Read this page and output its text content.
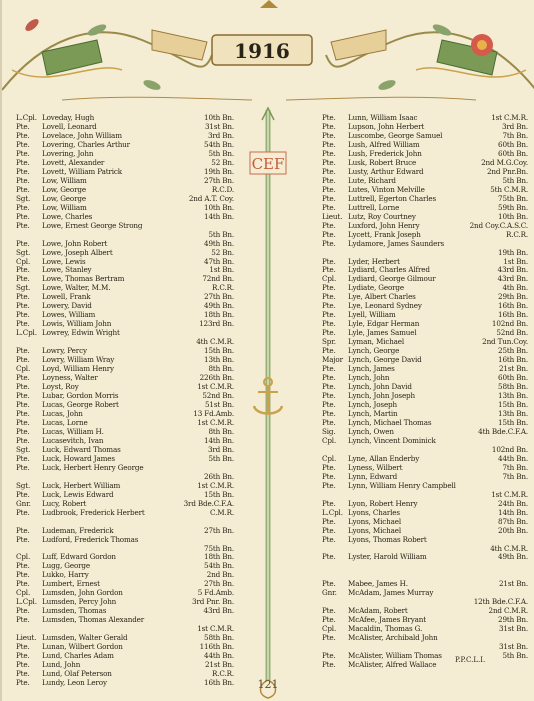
1916
CEF
L.Cpl. Loveday, Hugh	10th Bn.
Pte.	Lovell, Leonard	31st Bn.
Pte.	Lovelace, John William	3rd Bn.
Pte.	Lovering, Charles Arthur	54th Bn.
Pte.	Lovering, John	5th Bn.
Pte.	Lovett, Alexander	52 Bn.
Pte.	Lovett, William Patrick	19th Bn.
Pte.	Low, William	27th Bn.
Pte.	Low, George	R.C.D.
Sgt.	Low, George	2nd A.T. Coy.
Pte.	Low, William	10th Bn.
Pte.	Lowe, Charles	14th Bn.
Pte.	Lowe, Ernest George Strong
5th Bn.
Pte.	Lowe, John Robert	49th Bn.
Sgt.	Lowe, Joseph Albert	52 Bn.
Cpl.	Lowe, Lewis	47th Bn.
Pte.	Lowe, Stanley	1st Bn.
Pte.	Lowe, Thomas Bertram	72nd Bn.
Sgt.	Lowe, Walter, M.M.	R.C.R.
Pte.	Lowell, Frank	27th Bn.
Pte.	Lowery, David	49th Bn.
Pte.	Lowes, William	18th Bn.
Pte.	Lowis, William John	123rd Bn.
L.Cpl. Lowrey, Edwin Wright
4th C.M.R.
Pte.	Lowry, Percy	15th Bn.
Pte.	Lowry, William Wray	13th Bn.
Cpl.	Loyd, William Henry	8th Bn.
Pte.	Loyness, Walter	226th Bn.
Pte.	Loyst, Roy	1st C.M.R.
Pte.	Lubar, Gordon Morris	52nd Bn.
Pte.	Lucas, George Robert	51st Bn.
Pte.	Lucas, John	13 Fd.Amb.
Pte.	Lucas, Lorne	1st C.M.R.
Pte.	Lucas, William H.	8th Bn.
Pte.	Lucasevitch, Ivan	14th Bn.
Sgt.	Luck, Edward Thomas	3rd Bn.
Pte.	Luck, Howard James	5th Bn.
Pte.	Luck, Herbert Henry George
26th Bn.
Sgt.	Luck, Herbert William	1st C.M.R.
Pte.	Luck, Lewis Edward	15th Bn.
Gnr.	Lucy, Robert	3rd Bde.C.F.A.
Pte.	Ludbrook, Frederick Herbert	C.M.R.
Pte.	Ludeman, Frederick	27th Bn.
Pte.	Ludford, Frederick Thomas
75th Bn.
Cpl.	Luff, Edward Gordon	18th Bn.
Pte.	Lugg, George	54th Bn.
Pte.	Lukko, Harry	2nd Bn.
Pte.	Lumbert, Ernest	27th Bn.
Cpl.	Lumsden, John Gordon	5 Fd.Amb.
L.Cpl. Lumsden, Percy John	3rd Pnr. Bn.
Pte.	Lumsden, Thomas	43rd Bn.
Pte.	Lumsden, Thomas Alexander
1st C.M.R.
Lieut. Lumsden, Walter Gerald	58th Bn.
Pte.	Lunan, Wilbert Gordon	116th Bn.
Pte.	Lund, Charles Adam	44th Bn.
Pte.	Lund, John	21st Bn.
Pte.	Lund, Olaf Peterson	R.C.R.
Pte.	Lundy, Leon Leroy	16th Bn.
Pte.	Lunn, William Isaac	1st C.M.R.
Pte.	Lupson, John Herbert	3rd Bn.
Pte.	Luscombe, George Samuel	7th Bn.
Pte.	Lush, Alfred William	60th Bn.
Pte.	Lush, Frederick John	60th Bn.
Pte.	Lusk, Robert Bruce	2nd M.G.Coy.
Pte.	Lusty, Arthur Edward	2nd Pnr.Bn.
Pte.	Lute, Richard	5th Bn.
Pte.	Lutes, Vinton Melville	5th C.M.R.
Pte.	Luttrell, Egerton Charles	75th Bn.
Pte.	Luttrell, Lorne	59th Bn.
Lieut. Lutz, Roy Courtney	10th Bn.
Pte.	Luxford, John Henry	2nd Coy.C.A.S.C.
Pte.	Lycett, Frank Joseph	R.C.R.
Pte.	Lydamore, James Saunders
19th Bn.
Pte.	Lyder, Herbert	1st Bn.
Pte.	Lydiard, Charles Alfred	43rd Bn.
Cpl.	Lydiard, George Gilmour	43rd Bn.
Pte.	Lydiate, George	4th Bn.
Pte.	Lye, Albert Charles	29th Bn.
Pte.	Lye, Leonard Sydney	16th Bn.
Pte.	Lyell, William	16th Bn.
Pte.	Lyle, Edgar Herman	102nd Bn.
Pte.	Lyle, James Samuel	52nd Bn.
Spr.	Lyman, Michael	2nd Tun.Coy.
Pte.	Lynch, George	25th Bn.
Major Lynch, George David	16th Bn.
Pte.	Lynch, James	21st Bn.
Pte.	Lynch, John	60th Bn.
Pte.	Lynch, John David	58th Bn.
Pte.	Lynch, John Joseph	13th Bn.
Pte.	Lynch, Joseph	15th Bn.
Pte.	Lynch, Martin	13th Bn.
Pte.	Lynch, Michael Thomas	15th Bn.
Sig.	Lynch, Owen	4th Bde.C.F.A.
Cpl.	Lynch, Vincent Dominick
102nd Bn.
Cpl.	Lyne, Allan Enderby	44th Bn.
Pte.	Lyness, Wilbert	7th Bn.
Pte.	Lynn, Edward	7th Bn.
Pte.	Lynn, William Henry Campbell
1st C.M.R.
Pte.	Lyon, Robert Henry	24th Bn.
L.Cpl. Lyons, Charles	14th Bn.
Pte.	Lyons, Michael	87th Bn.
Pte.	Lyons, Michael	20th Bn.
Pte.	Lyons, Thomas Robert
4th C.M.R.
Pte.	Lyster, Harold William	49th Bn.
Pte.	Mabee, James H.	21st Bn.
Gnr.	McAdam, James Murray
12th Bde.C.F.A.
Pte.	McAdam, Robert	2nd C.M.R.
Pte.	McAfee, James Bryant	29th Bn.
Cpl.	Macaldin, Thomas G.	31st Bn.
Pte.	McAlister, Archibald John
31st Bn.
Pte.	McAlister, William Thomas	5th Bn.
Pte.	McAlister, Alfred Wallace
P.P.C.L.I.
121
